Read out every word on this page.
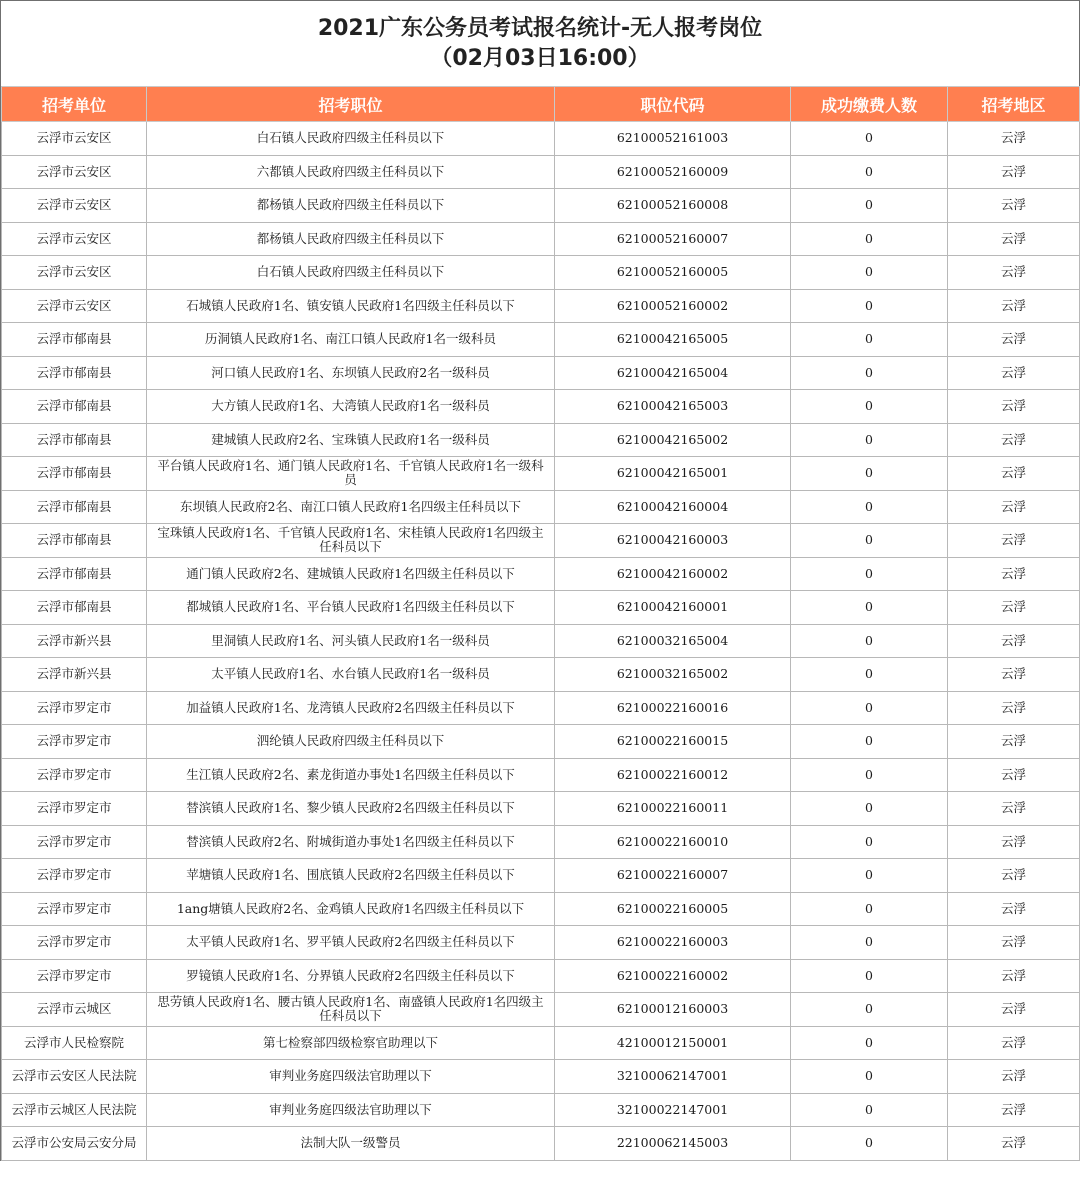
2021广东公务员考试报名统计-无人报考岗位
（02月03日16:00）
招考单位	招考职位	职位代码	成功缴费人数	招考地区
云浮市云安区	白石镇人民政府四级主任科员以下	62100052161003	0	云浮
云浮市云安区	六都镇人民政府四级主任科员以下	62100052160009	0	云浮
云浮市云安区	都杨镇人民政府四级主任科员以下	62100052160008	0	云浮
云浮市云安区	都杨镇人民政府四级主任科员以下	62100052160007	0	云浮
云浮市云安区	白石镇人民政府四级主任科员以下	62100052160005	0	云浮
云浮市云安区	石城镇人民政府1名、镇安镇人民政府1名四级主任科员以下	62100052160002	0	云浮
云浮市郁南县	历洞镇人民政府1名、南江口镇人民政府1名一级科员	62100042165005	0	云浮
云浮市郁南县	河口镇人民政府1名、东坝镇人民政府2名一级科员	62100042165004	0	云浮
云浮市郁南县	大方镇人民政府1名、大湾镇人民政府1名一级科员	62100042165003	0	云浮
云浮市郁南县	建城镇人民政府2名、宝珠镇人民政府1名一级科员	62100042165002	0	云浮
云浮市郁南县	平台镇人民政府1名、通门镇人民政府1名、千官镇人民政府1名一级科员	62100042165001	0	云浮
云浮市郁南县	东坝镇人民政府2名、南江口镇人民政府1名四级主任科员以下	62100042160004	0	云浮
云浮市郁南县	宝珠镇人民政府1名、千官镇人民政府1名、宋桂镇人民政府1名四级主任科员以下	62100042160003	0	云浮
云浮市郁南县	通门镇人民政府2名、建城镇人民政府1名四级主任科员以下	62100042160002	0	云浮
云浮市郁南县	都城镇人民政府1名、平台镇人民政府1名四级主任科员以下	62100042160001	0	云浮
云浮市新兴县	里洞镇人民政府1名、河头镇人民政府1名一级科员	62100032165004	0	云浮
云浮市新兴县	太平镇人民政府1名、水台镇人民政府1名一级科员	62100032165002	0	云浮
云浮市罗定市	加益镇人民政府1名、龙湾镇人民政府2名四级主任科员以下	62100022160016	0	云浮
云浮市罗定市	泗纶镇人民政府四级主任科员以下	62100022160015	0	云浮
云浮市罗定市	生江镇人民政府2名、素龙街道办事处1名四级主任科员以下	62100022160012	0	云浮
云浮市罗定市	替滨镇人民政府1名、黎少镇人民政府2名四级主任科员以下	62100022160011	0	云浮
云浮市罗定市	替滨镇人民政府2名、附城街道办事处1名四级主任科员以下	62100022160010	0	云浮
云浮市罗定市	苹塘镇人民政府1名、围底镇人民政府2名四级主任科员以下	62100022160007	0	云浮
云浮市罗定市	1ang塘镇人民政府2名、金鸡镇人民政府1名四级主任科员以下	62100022160005	0	云浮
云浮市罗定市	太平镇人民政府1名、罗平镇人民政府2名四级主任科员以下	62100022160003	0	云浮
云浮市罗定市	罗镜镇人民政府1名、分界镇人民政府2名四级主任科员以下	62100022160002	0	云浮
云浮市云城区	思劳镇人民政府1名、腰古镇人民政府1名、南盛镇人民政府1名四级主任科员以下	62100012160003	0	云浮
云浮市人民检察院	第七检察部四级检察官助理以下	42100012150001	0	云浮
云浮市云安区人民法院	审判业务庭四级法官助理以下	32100062147001	0	云浮
云浮市云城区人民法院	审判业务庭四级法官助理以下	32100022147001	0	云浮
云浮市公安局云安分局	法制大队一级警员	22100062145003	0	云浮
